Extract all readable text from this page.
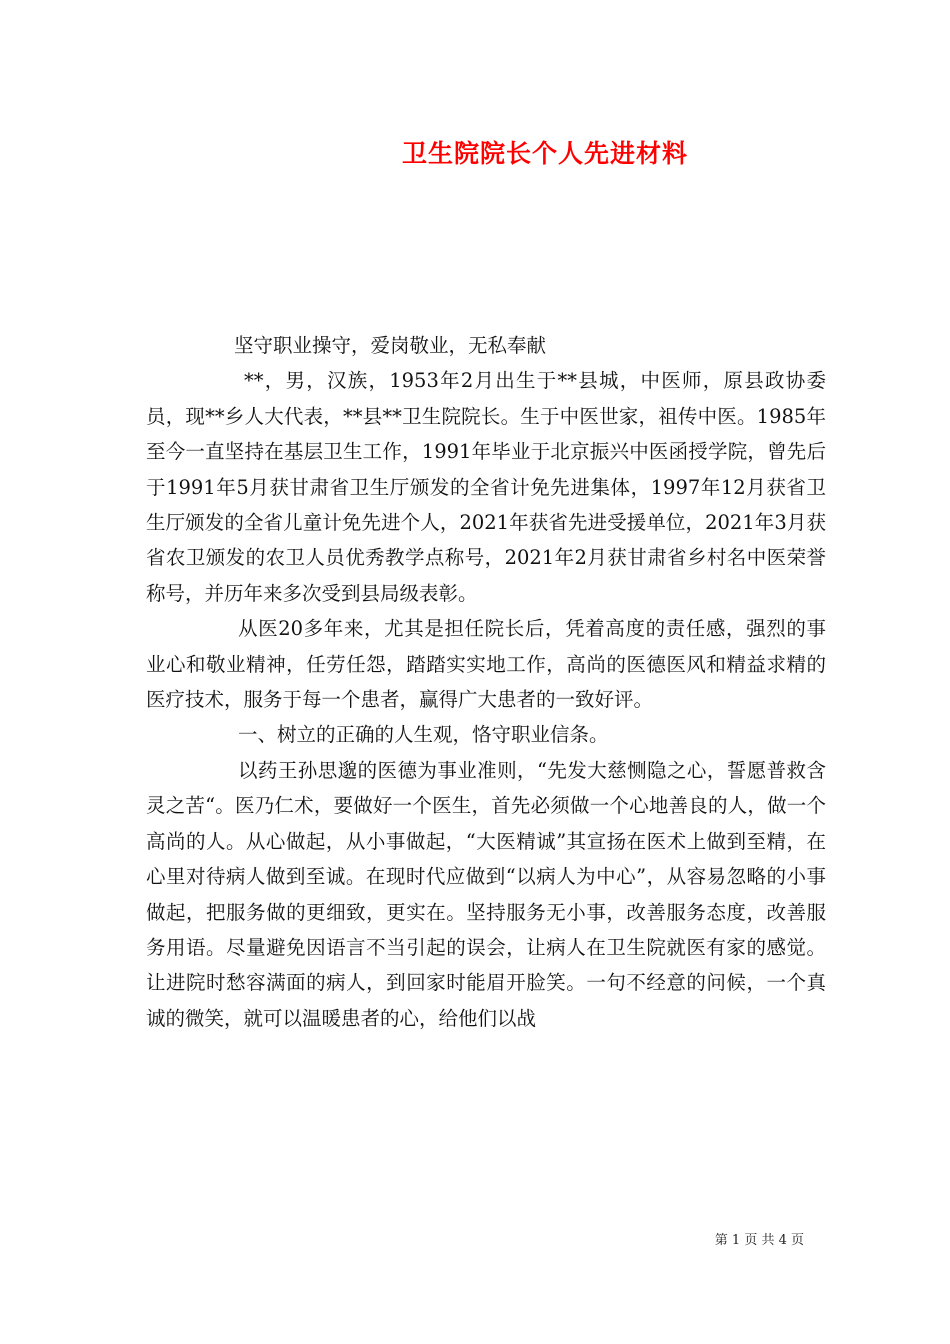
卫生院院长个人先进材料

坚守职业操守，爱岗敬业，无私奉献

**，男，汉族，1953年2月出生于**县城，中医师，原县政协委员，现**乡人大代表，**县**卫生院院长。生于中医世家，祖传中医。1985年至今一直坚持在基层卫生工作，1991年毕业于北京振兴中医函授学院，曾先后于1991年5月获甘肃省卫生厅颁发的全省计免先进集体，1997年12月获省卫生厅颁发的全省儿童计免先进个人，2021年获省先进受援单位，2021年3月获省农卫颁发的农卫人员优秀教学点称号，2021年2月获甘肃省乡村名中医荣誉称号，并历年来多次受到县局级表彰。

从医20多年来，尤其是担任院长后，凭着高度的责任感，强烈的事业心和敬业精神，任劳任怨，踏踏实实地工作，高尚的医德医风和精益求精的医疗技术，服务于每一个患者，赢得广大患者的一致好评。

一、树立的正确的人生观，恪守职业信条。

以药王孙思邈的医德为事业准则，“先发大慈恻隐之心，誓愿普救含灵之苦“。医乃仁术，要做好一个医生，首先必须做一个心地善良的人，做一个高尚的人。从心做起，从小事做起，“大医精诚”其宣扬在医术上做到至精，在心里对待病人做到至诚。在现时代应做到“以病人为中心”，从容易忽略的小事做起，把服务做的更细致，更实在。坚持服务无小事，改善服务态度，改善服务用语。尽量避免因语言不当引起的误会，让病人在卫生院就医有家的感觉。让进院时愁容满面的病人，到回家时能眉开脸笑。一句不经意的问候，一个真诚的微笑，就可以温暖患者的心，给他们以战

第 1 页 共 4 页
